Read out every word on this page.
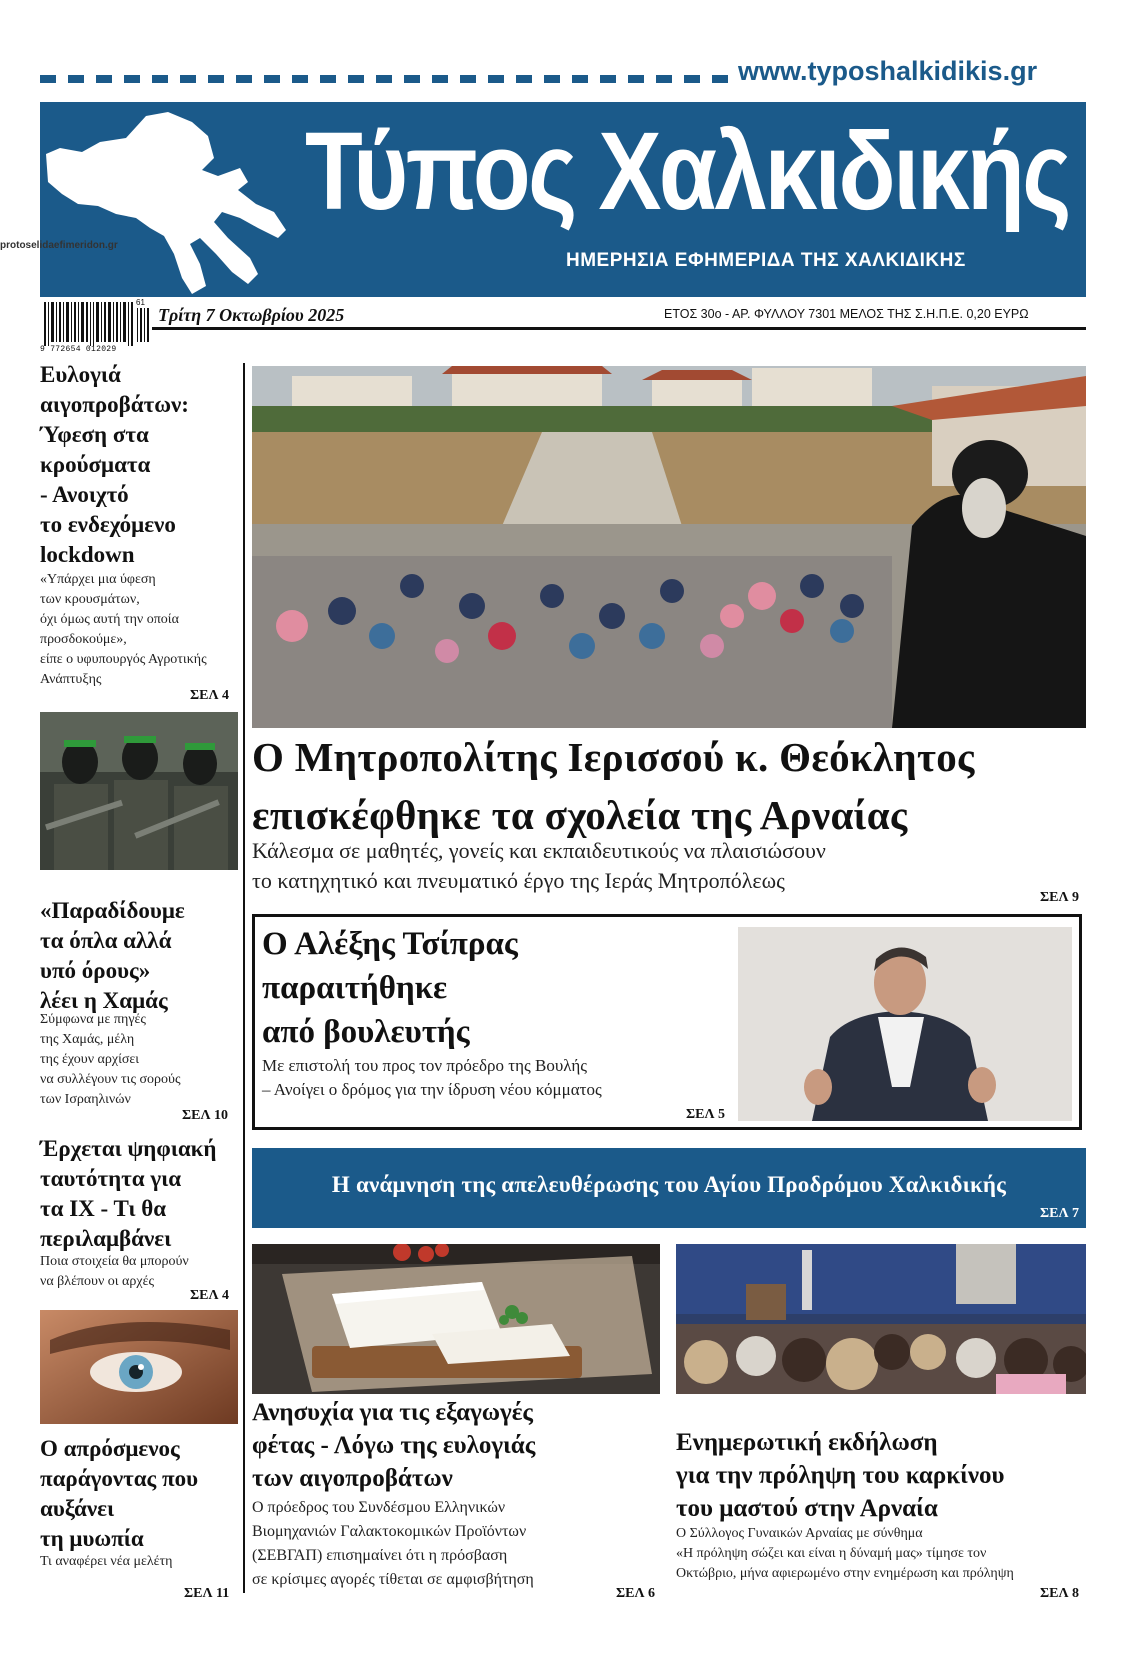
www.typoshalkidikis.gr
Τύπος Χαλκιδικής
ΗΜΕΡΗΣΙΑ ΕΦΗΜΕΡΙΔΑ ΤΗΣ ΧΑΛΚΙΔΙΚΗΣ
protoselidaefimeridon.gr
9 772654 012029
61
Τρίτη 7 Οκτωβρίου 2025	ΕΤΟΣ 30ο - ΑΡ. ΦΥΛΛΟΥ 7301 ΜΕΛΟΣ ΤΗΣ Σ.Η.Π.Ε. 0,20 ΕΥΡΩ
Ευλογιά
αιγοπροβάτων:
Ύφεση στα
κρούσματα
- Ανοιχτό
το ενδεχόμενο
lockdown
«Υπάρχει μια ύφεση
των κρουσμάτων,
όχι όμως αυτή την οποία
προσδοκούμε»,
είπε ο υφυπουργός Αγροτικής
Ανάπτυξης
ΣΕΛ 4
«Παραδίδουμε
τα όπλα αλλά
υπό όρους»
λέει η Χαμάς
Σύμφωνα με πηγές
της Χαμάς, μέλη
της έχουν αρχίσει
να συλλέγουν τις σορούς
των Ισραηλινών
ΣΕΛ 10
Έρχεται ψηφιακή
ταυτότητα για
τα ΙΧ - Τι θα
περιλαμβάνει
Ποια στοιχεία θα μπορούν
να βλέπουν οι αρχές
ΣΕΛ 4
Ο απρόσμενος
παράγοντας που
αυξάνει
τη μυωπία
Τι αναφέρει νέα μελέτη
ΣΕΛ 11
Ο Μητροπολίτης Ιερισσού κ. Θεόκλητος
επισκέφθηκε τα σχολεία της Αρναίας
Κάλεσμα σε μαθητές, γονείς και εκπαιδευτικούς να πλαισιώσουν
το κατηχητικό και πνευματικό έργο της Ιεράς Μητροπόλεως
ΣΕΛ 9
Ο Αλέξης Τσίπρας
παραιτήθηκε
από βουλευτής
Με επιστολή του προς τον πρόεδρο της Βουλής
– Ανοίγει ο δρόμος για την ίδρυση νέου κόμματος
ΣΕΛ 5
Η ανάμνηση της απελευθέρωσης του Αγίου Προδρόμου Χαλκιδικής
ΣΕΛ 7
Ανησυχία για τις εξαγωγές
φέτας - Λόγω της ευλογιάς
των αιγοπροβάτων
Ο πρόεδρος του Συνδέσμου Ελληνικών
Βιομηχανιών Γαλακτοκομικών Προϊόντων
(ΣΕΒΓΑΠ) επισημαίνει ότι η πρόσβαση
σε κρίσιμες αγορές τίθεται σε αμφισβήτηση
ΣΕΛ 6
Ενημερωτική εκδήλωση
για την πρόληψη του καρκίνου
του μαστού στην Αρναία
Ο Σύλλογος Γυναικών Αρναίας με σύνθημα
«Η πρόληψη σώζει και είναι η δύναμή μας» τίμησε τον
Οκτώβριο, μήνα αφιερωμένο στην ενημέρωση και πρόληψη
ΣΕΛ 8
